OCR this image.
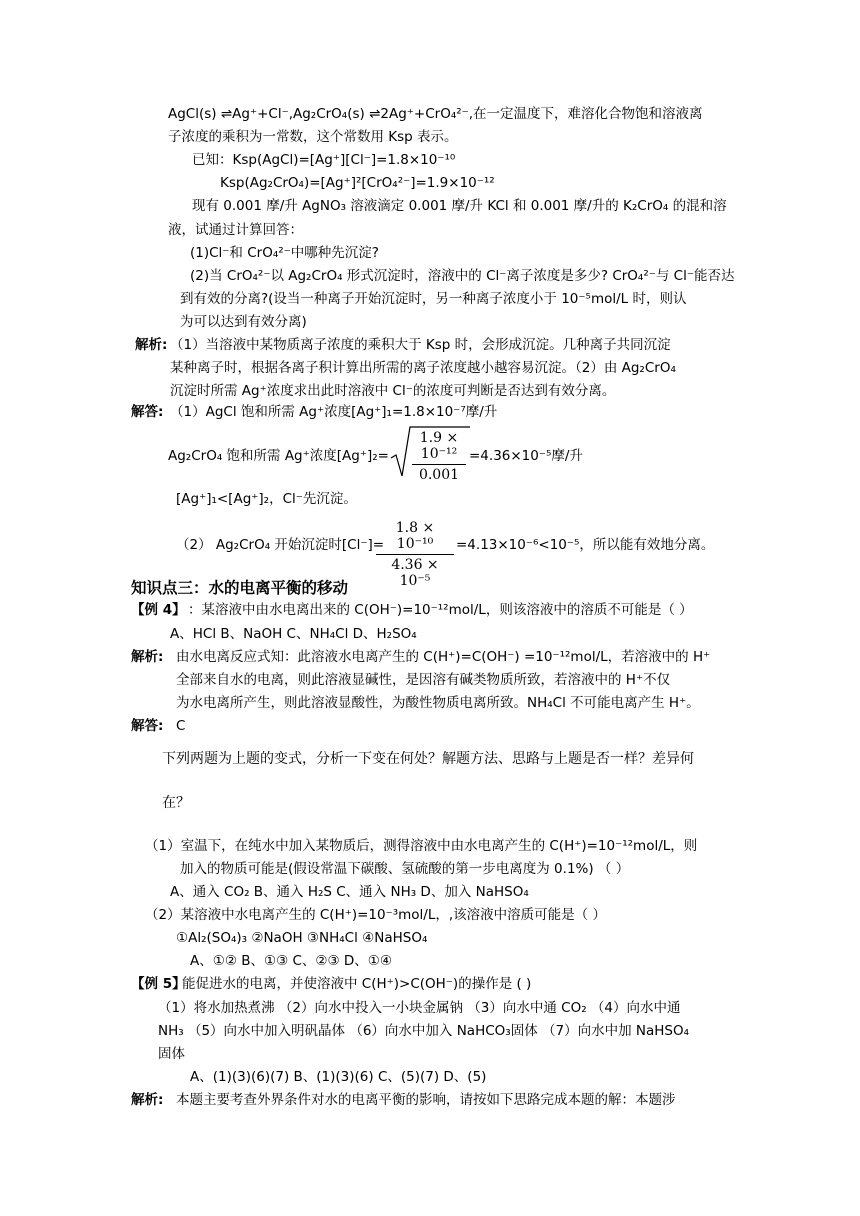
AgCl(s) ⇌Ag⁺+Cl⁻,Ag₂CrO₄(s) ⇌2Ag⁺+CrO₄²⁻,在一定温度下，难溶化合物饱和溶液离
子浓度的乘积为一常数，这个常数用 Ksp 表示。
已知：Ksp(AgCl)=[Ag⁺][Cl⁻]=1.8×10⁻¹⁰
Ksp(Ag₂CrO₄)=[Ag⁺]²[CrO₄²⁻]=1.9×10⁻¹²
现有 0.001 摩/升 AgNO₃ 溶液滴定 0.001 摩/升 KCl 和 0.001 摩/升的 K₂CrO₄ 的混和溶
液，试通过计算回答：
(1)Cl⁻和 CrO₄²⁻中哪种先沉淀?
(2)当 CrO₄²⁻以 Ag₂CrO₄ 形式沉淀时，溶液中的 Cl⁻离子浓度是多少? CrO₄²⁻与 Cl⁻能否达
到有效的分离?(设当一种离子开始沉淀时，另一种离子浓度小于 10⁻⁵mol/L 时，则认
为可以达到有效分离)
解析: （1）当溶液中某物质离子浓度的乘积大于 Ksp 时，会形成沉淀。几种离子共同沉淀
某种离子时，根据各离子积计算出所需的离子浓度越小越容易沉淀。（2）由 Ag₂CrO₄
沉淀时所需 Ag⁺浓度求出此时溶液中 Cl⁻的浓度可判断是否达到有效分离。
解答: （1）AgCl 饱和所需 Ag⁺浓度[Ag⁺]₁=1.8×10⁻⁷摩/升
Ag₂CrO₄ 饱和所需 Ag⁺浓度[Ag⁺]₂=
1.9 × 10⁻¹²
0.001
=4.36×10⁻⁵摩/升
[Ag⁺]₁<[Ag⁺]₂，Cl⁻先沉淀。
（2） Ag₂CrO₄ 开始沉淀时[Cl⁻]=
1.8 × 10⁻¹⁰
4.36 × 10⁻⁵
=4.13×10⁻⁶<10⁻⁵，所以能有效地分离。
知识点三：水的电离平衡的移动
【例 4】 ：某溶液中由水电离出来的 C(OH⁻)=10⁻¹²mol/L，则该溶液中的溶质不可能是（ ）
A、HCl B、NaOH C、NH₄Cl D、H₂SO₄
解析: 由水电离反应式知：此溶液水电离产生的 C(H⁺)=C(OH⁻) =10⁻¹²mol/L，若溶液中的 H⁺
全部来自水的电离，则此溶液显碱性，是因溶有碱类物质所致，若溶液中的 H⁺不仅
为水电离所产生，则此溶液显酸性，为酸性物质电离所致。NH₄Cl 不可能电离产生 H⁺。
解答: C
下列两题为上题的变式，分析一下变在何处？解题方法、思路与上题是否一样？差异何
在？
（1）室温下，在纯水中加入某物质后，测得溶液中由水电离产生的 C(H⁺)=10⁻¹²mol/L，则
加入的物质可能是(假设常温下碳酸、氢硫酸的第一步电离度为 0.1%) （ ）
A、通入 CO₂ B、通入 H₂S C、通入 NH₃ D、加入 NaHSO₄
（2）某溶液中水电离产生的 C(H⁺)=10⁻³mol/L，,该溶液中溶质可能是（ ）
①Al₂(SO₄)₃ ②NaOH ③NH₄Cl ④NaHSO₄
A、①② B、①③ C、②③ D、①④
【例 5】
能促进水的电离，并使溶液中 C(H⁺)>C(OH⁻)的操作是 ( )
（1）将水加热煮沸 （2）向水中投入一小块金属钠 （3）向水中通 CO₂ （4）向水中通
NH₃ （5）向水中加入明矾晶体 （6）向水中加入 NaHCO₃固体 （7）向水中加 NaHSO₄
固体
A、(1)(3)(6)(7) B、(1)(3)(6) C、(5)(7) D、(5)
解析: 本题主要考查外界条件对水的电离平衡的影响，请按如下思路完成本题的解：本题涉
